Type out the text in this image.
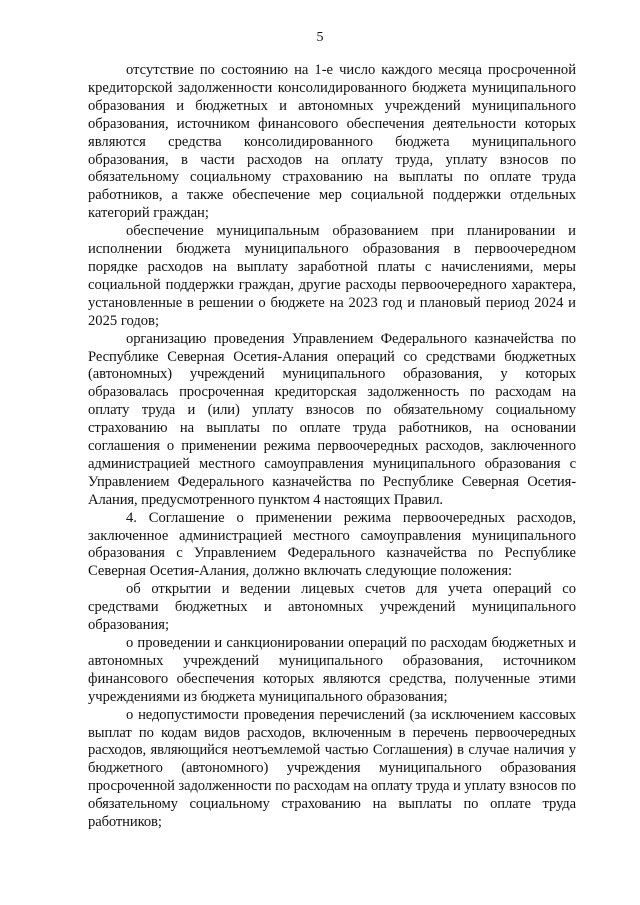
5

отсутствие по состоянию на 1-е число каждого месяца просроченной кредиторской задолженности консолидированного бюджета муниципального образования и бюджетных и автономных учреждений муниципального образования, источником финансового обеспечения деятельности которых являются средства консолидированного бюджета муниципального образования, в части расходов на оплату труда, уплату взносов по обязательному социальному страхованию на выплаты по оплате труда работников, а также обеспечение мер социальной поддержки отдельных категорий граждан;

обеспечение муниципальным образованием при планировании и исполнении бюджета муниципального образования в первоочередном порядке расходов на выплату заработной платы с начислениями, меры социальной поддержки граждан, другие расходы первоочередного характера, установленные в решении о бюджете на 2023 год и плановый период 2024 и 2025 годов;

организацию проведения Управлением Федерального казначейства по Республике Северная Осетия-Алания операций со средствами бюджетных (автономных) учреждений муниципального образования, у которых образовалась просроченная кредиторская задолженность по расходам на оплату труда и (или) уплату взносов по обязательному социальному страхованию на выплаты по оплате труда работников, на основании соглашения о применении режима первоочередных расходов, заключенного администрацией местного самоуправления муниципального образования с Управлением Федерального казначейства по Республике Северная Осетия-Алания, предусмотренного пунктом 4 настоящих Правил.

4. Соглашение о применении режима первоочередных расходов, заключенное администрацией местного самоуправления муниципального образования с Управлением Федерального казначейства по Республике Северная Осетия-Алания, должно включать следующие положения:

об открытии и ведении лицевых счетов для учета операций со средствами бюджетных и автономных учреждений муниципального образования;

о проведении и санкционировании операций по расходам бюджетных и автономных учреждений муниципального образования, источником финансового обеспечения которых являются средства, полученные этими учреждениями из бюджета муниципального образования;

о недопустимости проведения перечислений (за исключением кассовых выплат по кодам видов расходов, включенным в перечень первоочередных расходов, являющийся неотъемлемой частью Соглашения) в случае наличия у бюджетного (автономного) учреждения муниципального образования просроченной задолженности по расходам на оплату труда и уплату взносов по обязательному социальному страхованию на выплаты по оплате труда работников;
